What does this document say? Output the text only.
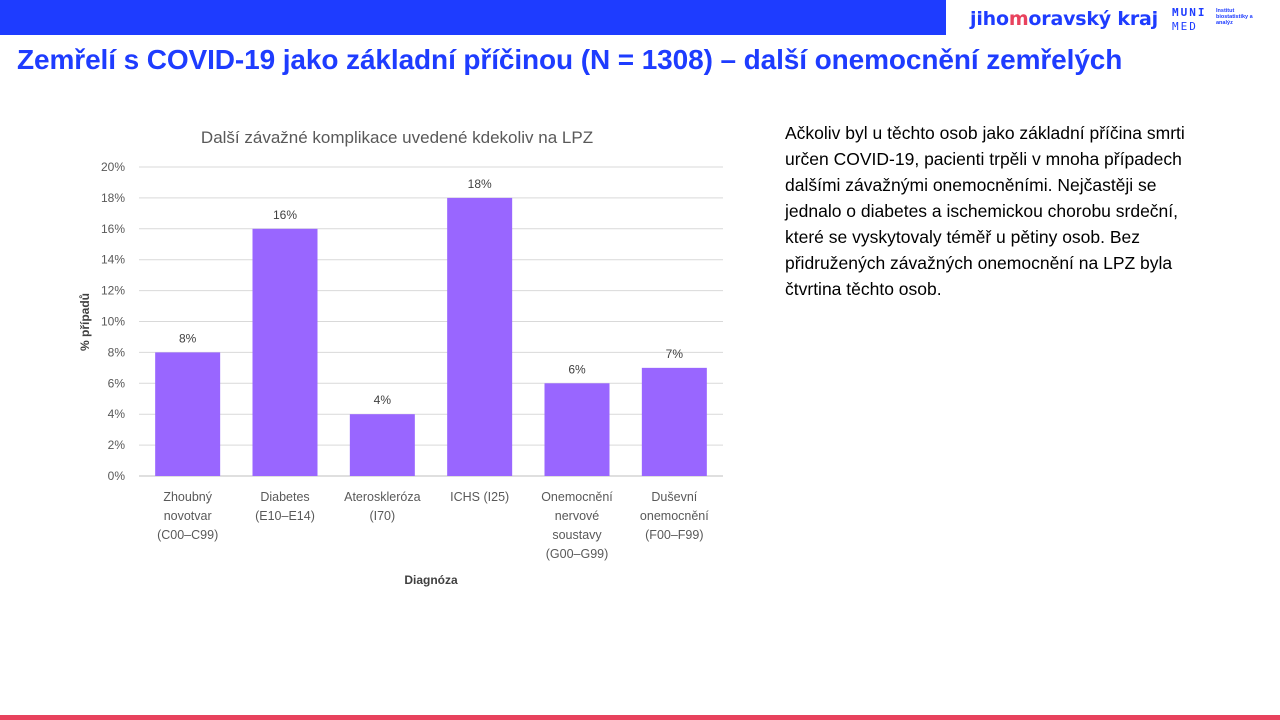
jihomoravský kraj MUNI
MED
Institut biostatistiky a analýz
Zemřelí s COVID-19 jako základní příčinou (N = 1308) – další onemocnění zemřelých
Další závažné komplikace uvedené kdekoliv na LPZ
0%
2%
4%
6%
8%
10%
12%
14%
16%
18%
20%
8%
16%
4%
18%
6%
7%
Zhoubný
novotvar
(C00–C99)
Diabetes
(E10–E14)
Ateroskleróza
(I70)
ICHS (I25)	Onemocnění
nervové
soustavy
(G00–G99)
Duševní
onemocnění
(F00–F99)
% případů
Diagnóza
Ačkoliv byl u těchto osob jako základní příčina smrti určen COVID-19, pacienti trpěli v mnoha případech dalšími závažnými onemocněními. Nejčastěji se jednalo o diabetes a ischemickou chorobu srdeční, které se vyskytovaly téměř u pětiny osob. Bez přidružených závažných onemocnění na LPZ byla čtvrtina těchto osob.
